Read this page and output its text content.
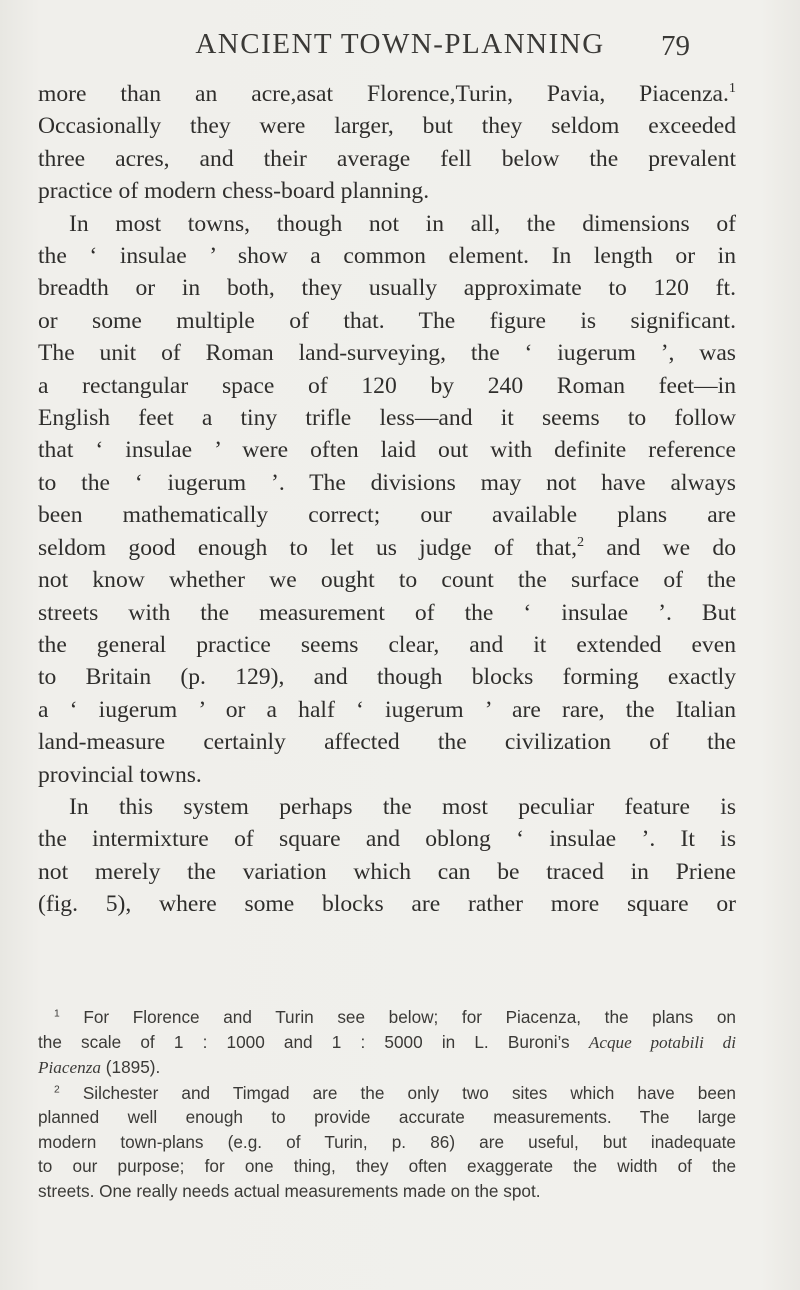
ANCIENT TOWN-PLANNING	79
more than an acre,asat Florence,Turin, Pavia, Piacenza.$^1$
Occasionally they were larger, but they seldom exceeded
three acres, and their average fell below the prevalent
practice of modern chess-board planning.
In most towns, though not in all, the dimensions of
the ‘ insulae ’ show a common element. In length or in
breadth or in both, they usually approximate to 120 ft.
or some multiple of that. The figure is significant.
The unit of Roman land-surveying, the ‘ iugerum ’, was
a rectangular space of 120 by 240 Roman feet—in
English feet a tiny trifle less—and it seems to follow
that ‘ insulae ’ were often laid out with definite reference
to the ‘ iugerum ’. The divisions may not have always
been mathematically correct; our available plans are
seldom good enough to let us judge of that,$^2$ and we do
not know whether we ought to count the surface of the
streets with the measurement of the ‘ insulae ’. But
the general practice seems clear, and it extended even
to Britain (p. 129), and though blocks forming exactly
a ‘ iugerum ’ or a half ‘ iugerum ’ are rare, the Italian
land-measure certainly affected the civilization of the
provincial towns.
In this system perhaps the most peculiar feature is
the intermixture of square and oblong ‘ insulae ’. It is
not merely the variation which can be traced in Priene
(fig. 5), where some blocks are rather more square or
$^1$ For Florence and Turin see below; for Piacenza, the plans on
the scale of 1 : 1000 and 1 : 5000 in L. Buroni’s Acque potabili di
Piacenza (1895).
$^2$ Silchester and Timgad are the only two sites which have been
planned well enough to provide accurate measurements. The large
modern town-plans (e.g. of Turin, p. 86) are useful, but inadequate
to our purpose; for one thing, they often exaggerate the width of the
streets. One really needs actual measurements made on the spot.
